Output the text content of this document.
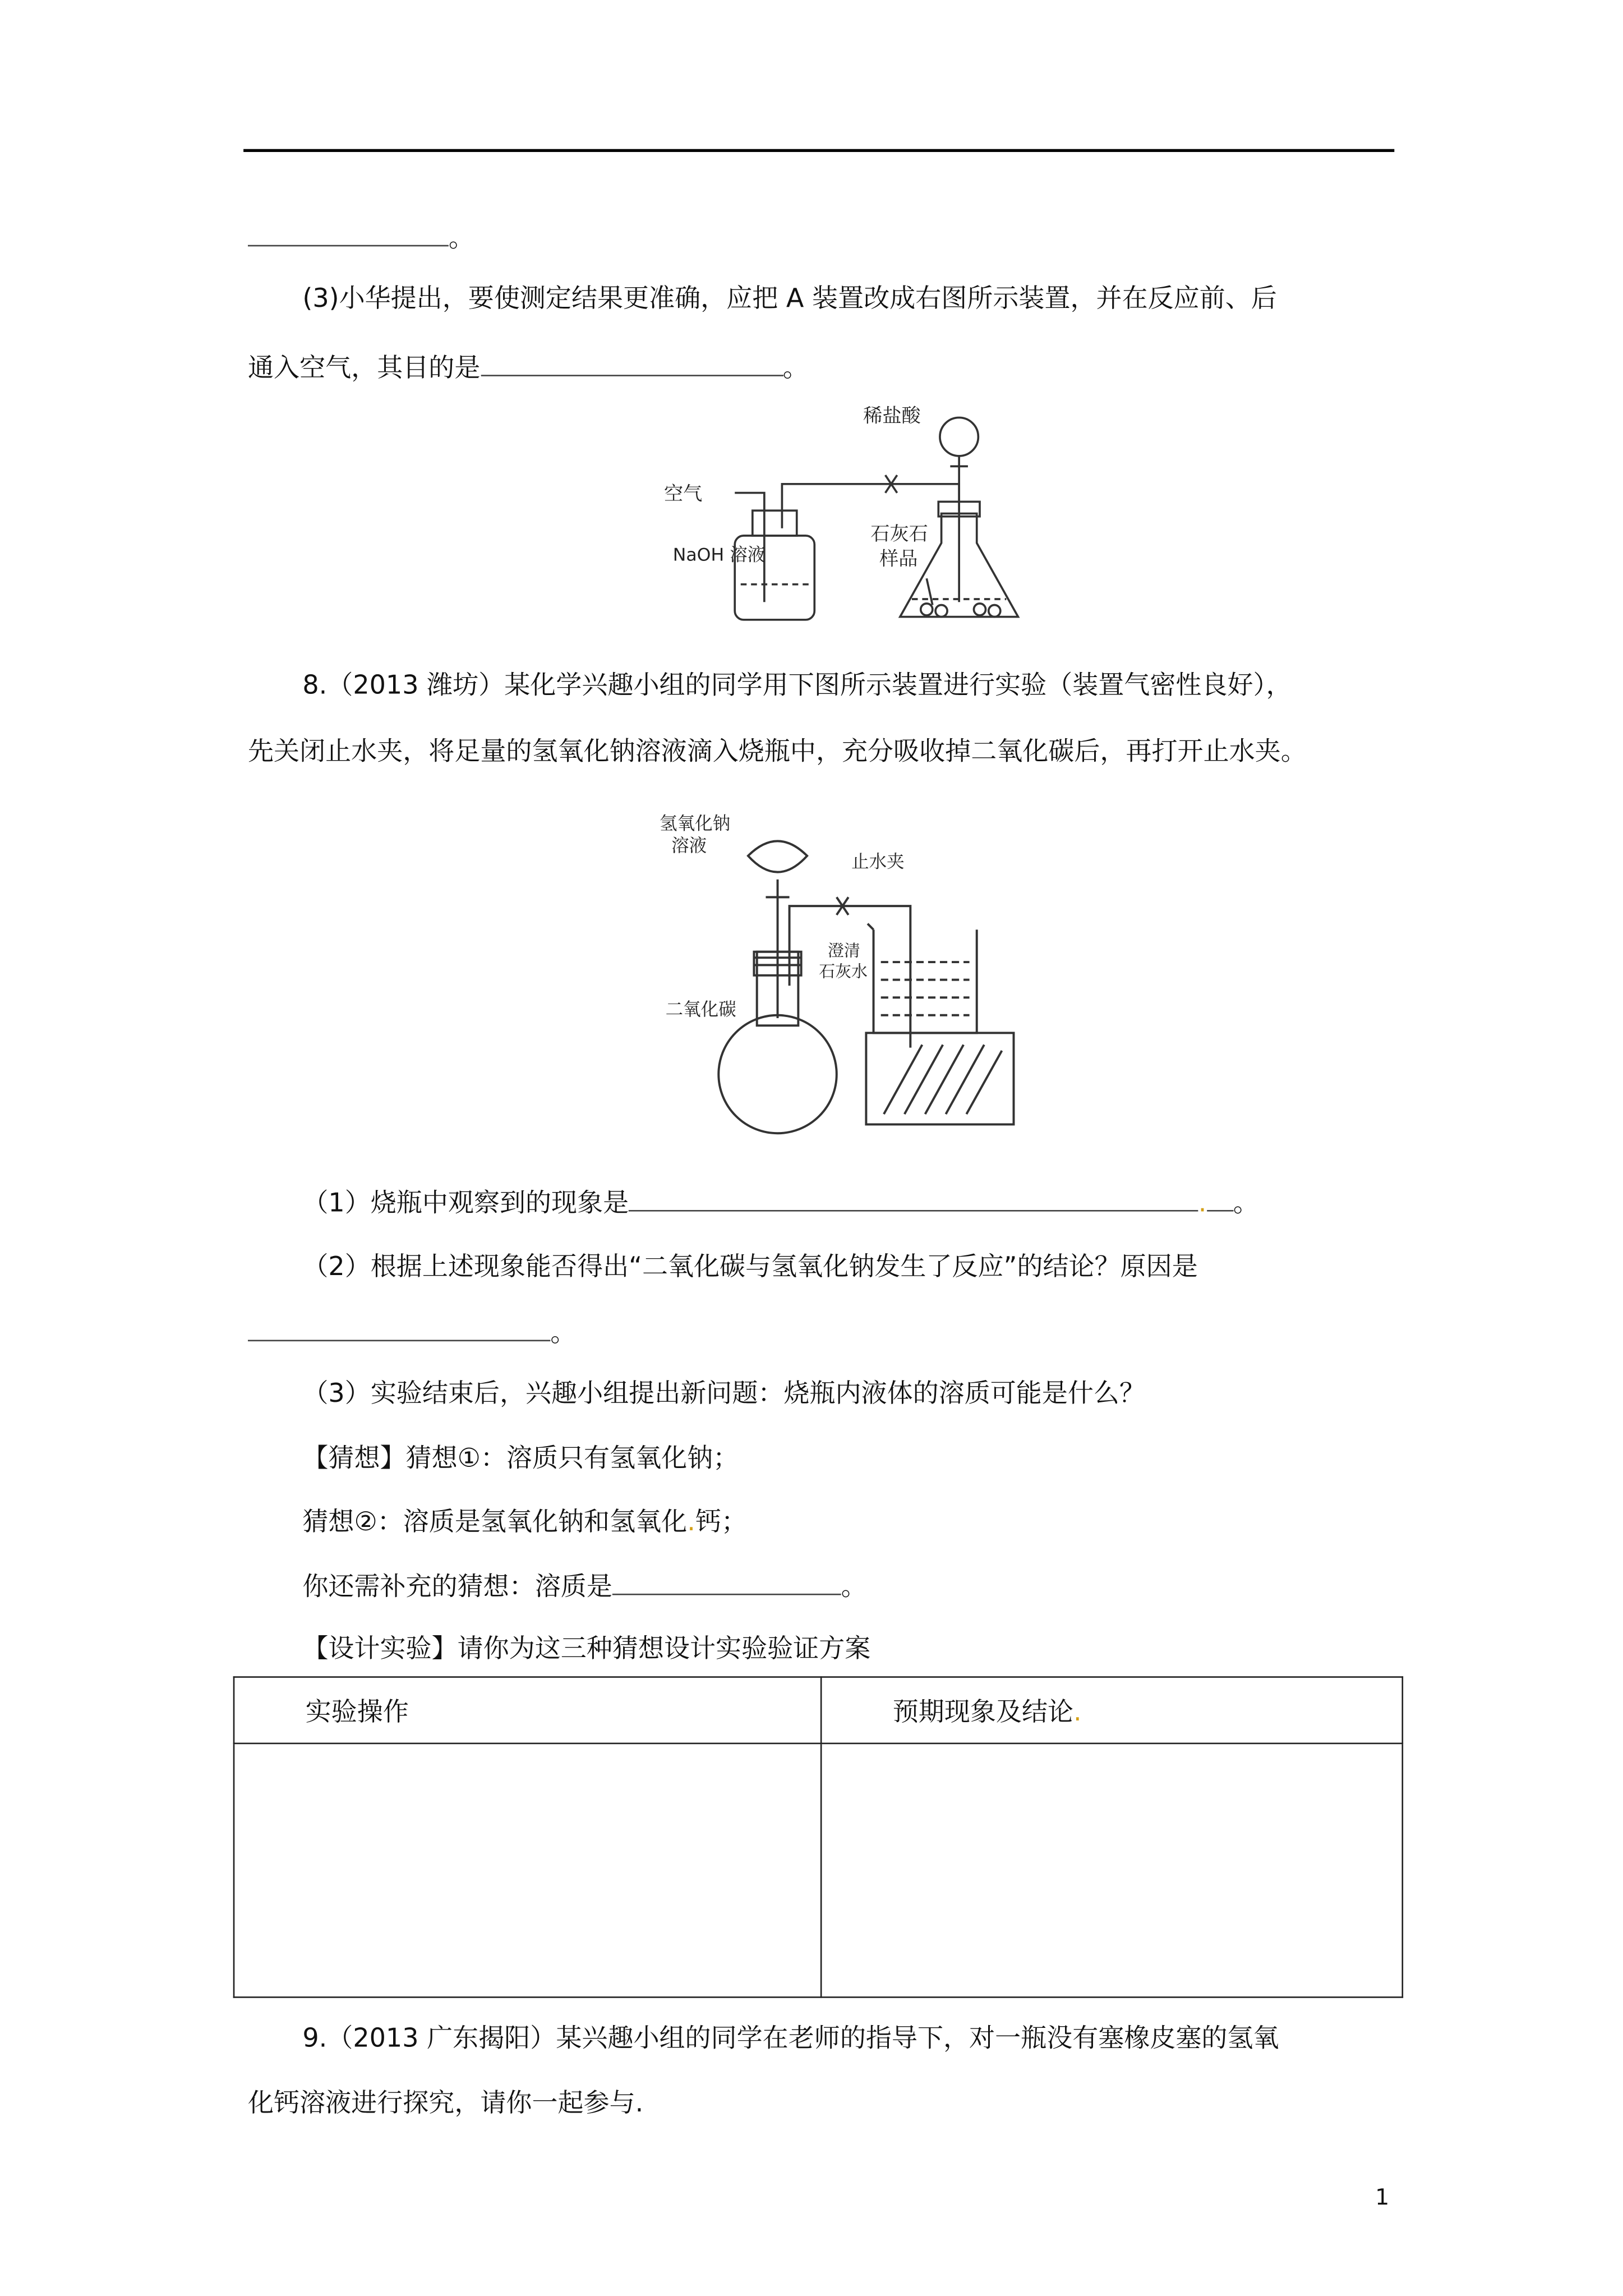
。
(3)小华提出，要使测定结果更准确，应把 A 装置改成右图所示装置，并在反应前、后
通入空气，其目的是	。
稀盐酸
空气
NaOH 溶液
石灰石
样品
8.（2013 潍坊）某化学兴趣小组的同学用下图所示装置进行实验（装置气密性良好），
先关闭止水夹，将足量的氢氧化钠溶液滴入烧瓶中，充分吸收掉二氧化碳后，再打开止水夹。
氢氧化钠
溶液
止水夹
澄清
石灰水
二氧化碳
（1）烧瓶中观察到的现象是	.	。
（2）根据上述现象能否得出“二氧化碳与氢氧化钠发生了反应”的结论？原因是
。
（3）实验结束后，兴趣小组提出新问题：烧瓶内液体的溶质可能是什么？
【猜想】猜想①：溶质只有氢氧化钠；
猜想②：溶质是氢氧化钠和氢氧化.钙；
你还需补充的猜想：溶质是	。
【设计实验】请你为这三种猜想设计实验验证方案
实验操作	预期现象及结论.

9.（2013 广东揭阳）某兴趣小组的同学在老师的指导下，对一瓶没有塞橡皮塞的氢氧
化钙溶液进行探究，请你一起参与.
1
